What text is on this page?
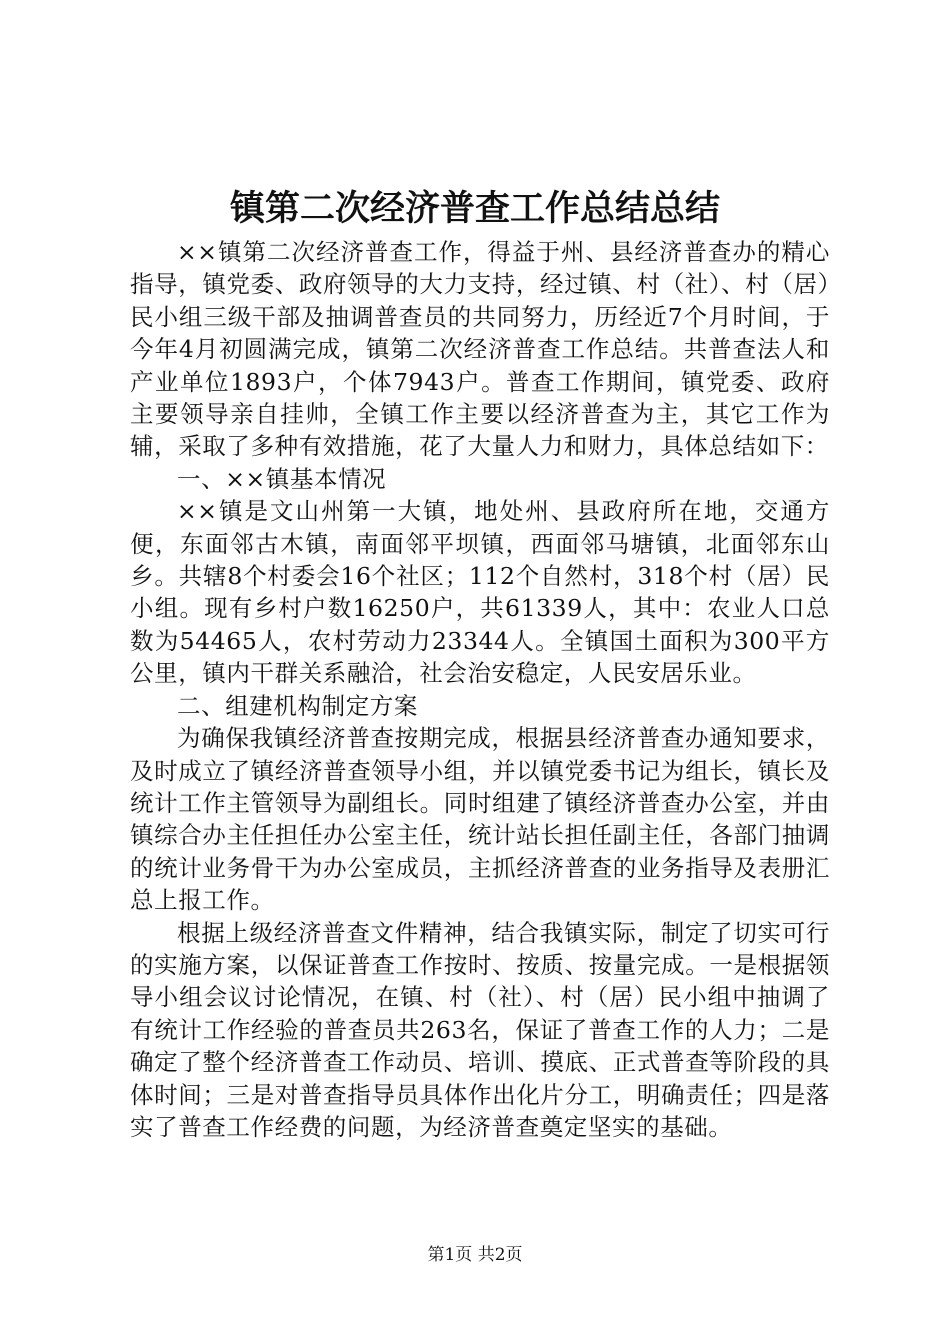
镇第二次经济普查工作总结总结

××镇第二次经济普查工作，得益于州、县经济普查办的精心指导，镇党委、政府领导的大力支持，经过镇、村（社）、村（居）民小组三级干部及抽调普查员的共同努力，历经近7个月时间，于今年4月初圆满完成，镇第二次经济普查工作总结。共普查法人和产业单位1893户，个体7943户。普查工作期间，镇党委、政府主要领导亲自挂帅，全镇工作主要以经济普查为主，其它工作为辅，采取了多种有效措施，花了大量人力和财力，具体总结如下：

一、××镇基本情况

××镇是文山州第一大镇，地处州、县政府所在地，交通方便，东面邻古木镇，南面邻平坝镇，西面邻马塘镇，北面邻东山乡。共辖8个村委会16个社区；112个自然村，318个村（居）民小组。现有乡村户数16250户，共61339人，其中：农业人口总数为54465人，农村劳动力23344人。全镇国土面积为300平方公里，镇内干群关系融洽，社会治安稳定，人民安居乐业。

二、组建机构制定方案

为确保我镇经济普查按期完成，根据县经济普查办通知要求，及时成立了镇经济普查领导小组，并以镇党委书记为组长，镇长及统计工作主管领导为副组长。同时组建了镇经济普查办公室，并由镇综合办主任担任办公室主任，统计站长担任副主任，各部门抽调的统计业务骨干为办公室成员，主抓经济普查的业务指导及表册汇总上报工作。

根据上级经济普查文件精神，结合我镇实际，制定了切实可行的实施方案，以保证普查工作按时、按质、按量完成。一是根据领导小组会议讨论情况，在镇、村（社）、村（居）民小组中抽调了有统计工作经验的普查员共263名，保证了普查工作的人力；二是确定了整个经济普查工作动员、培训、摸底、正式普查等阶段的具体时间；三是对普查指导员具体作出化片分工，明确责任；四是落实了普查工作经费的问题，为经济普查奠定坚实的基础。

第1页 共2页
